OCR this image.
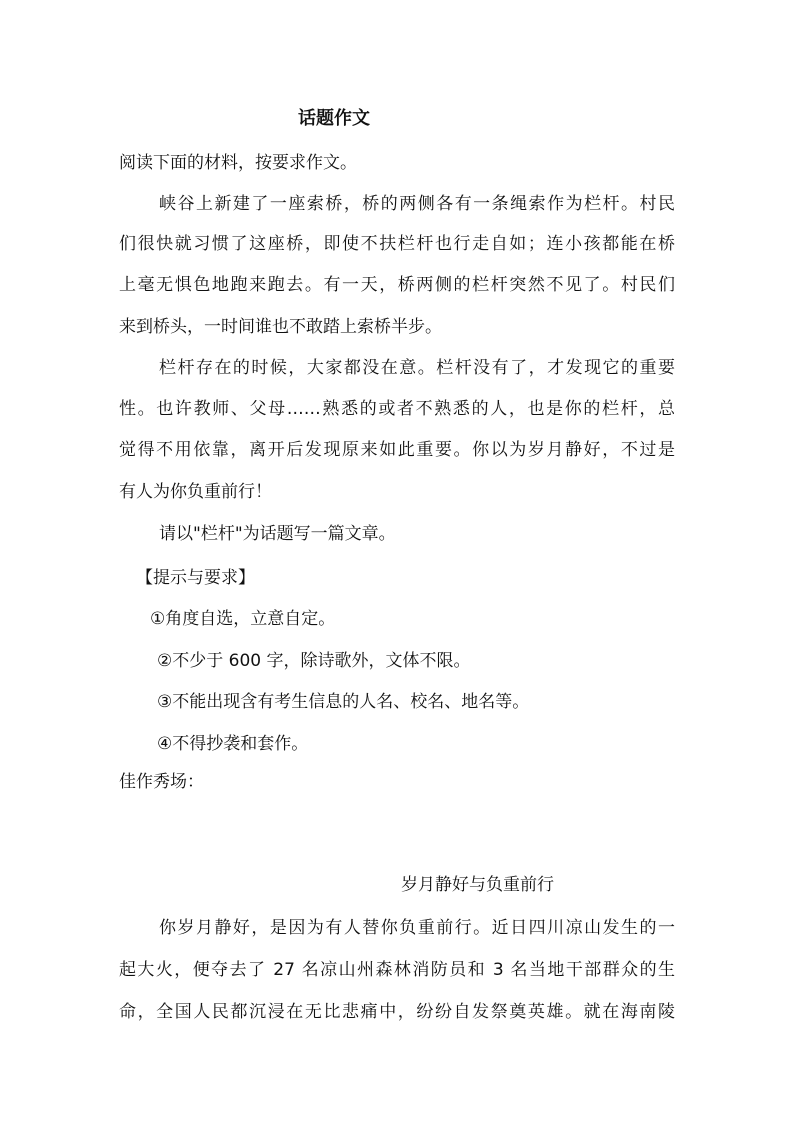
话题作文
阅读下面的材料，按要求作文。
峡谷上新建了一座索桥，桥的两侧各有一条绳索作为栏杆。村民
们很快就习惯了这座桥，即使不扶栏杆也行走自如；连小孩都能在桥
上毫无惧色地跑来跑去。有一天，桥两侧的栏杆突然不见了。村民们
来到桥头，一时间谁也不敢踏上索桥半步。
栏杆存在的时候，大家都没在意。栏杆没有了，才发现它的重要
性。也许教师、父母……熟悉的或者不熟悉的人，也是你的栏杆，总
觉得不用依靠，离开后发现原来如此重要。你以为岁月静好，不过是
有人为你负重前行！
请以"栏杆"为话题写一篇文章。
【提示与要求】
①角度自选，立意自定。
②不少于 600 字，除诗歌外，文体不限。
③不能出现含有考生信息的人名、校名、地名等。
④不得抄袭和套作。
佳作秀场：
岁月静好与负重前行
你岁月静好，是因为有人替你负重前行。近日四川凉山发生的一
起大火，便夺去了 27 名凉山州森林消防员和 3 名当地干部群众的生
命，全国人民都沉浸在无比悲痛中，纷纷自发祭奠英雄。就在海南陵
